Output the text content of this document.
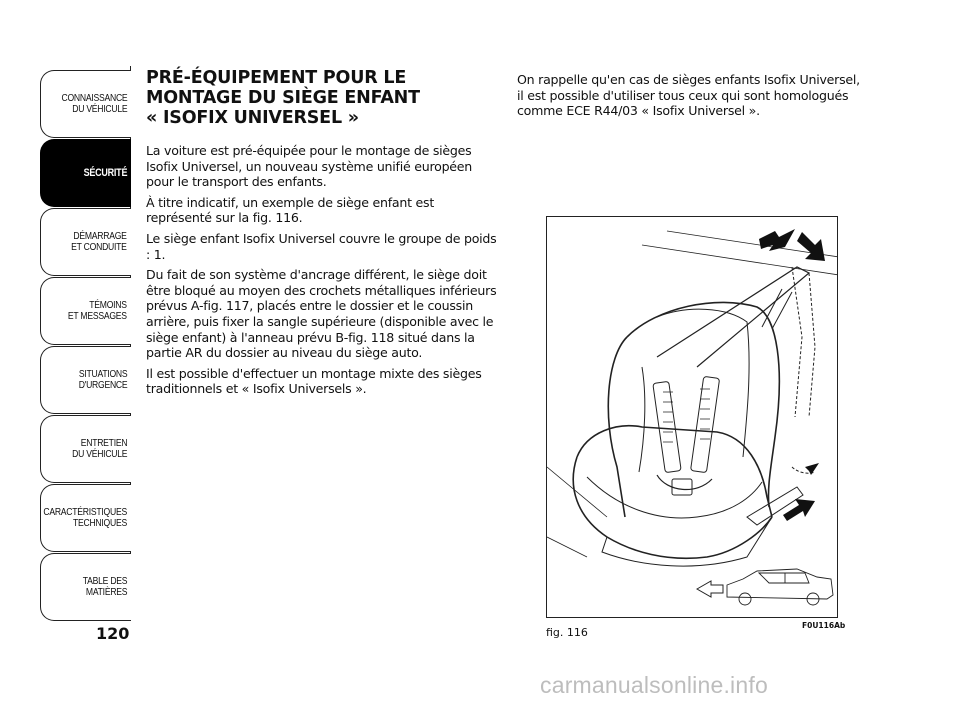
CONNAISSANCE
DU VÉHICULE
SÉCURITÉ
DÉMARRAGE
ET CONDUITE
TÉMOINS
ET MESSAGES
SITUATIONS
D'URGENCE
ENTRETIEN
DU VÉHICULE
CARACTÉRISTIQUES
TECHNIQUES
TABLE DES
MATIÈRES
120
PRÉ-ÉQUIPEMENT POUR LE
MONTAGE DU SIÈGE ENFANT
« ISOFIX UNIVERSEL »

La voiture est pré-équipée pour le montage de sièges Isofix Universel, un nouveau système unifié européen pour le transport des enfants.

À titre indicatif, un exemple de siège enfant est représenté sur la fig. 116.

Le siège enfant Isofix Universel couvre le groupe de poids : 1.

Du fait de son système d'ancrage différent, le siège doit être bloqué au moyen des crochets métalliques inférieurs prévus A-fig. 117, placés entre le dossier et le coussin arrière, puis fixer la sangle supérieure (disponible avec le siège enfant) à l'anneau prévu B-fig. 118 situé dans la partie AR du dossier au niveau du siège auto.

Il est possible d'effectuer un montage mixte des sièges traditionnels et « Isofix Universels ».

On rappelle qu'en cas de sièges enfants Isofix Universel, il est possible d'utiliser tous ceux qui sont homologués comme ECE R44/03 « Isofix Universel ».

fig. 116
F0U116Ab
carmanualsonline.info
